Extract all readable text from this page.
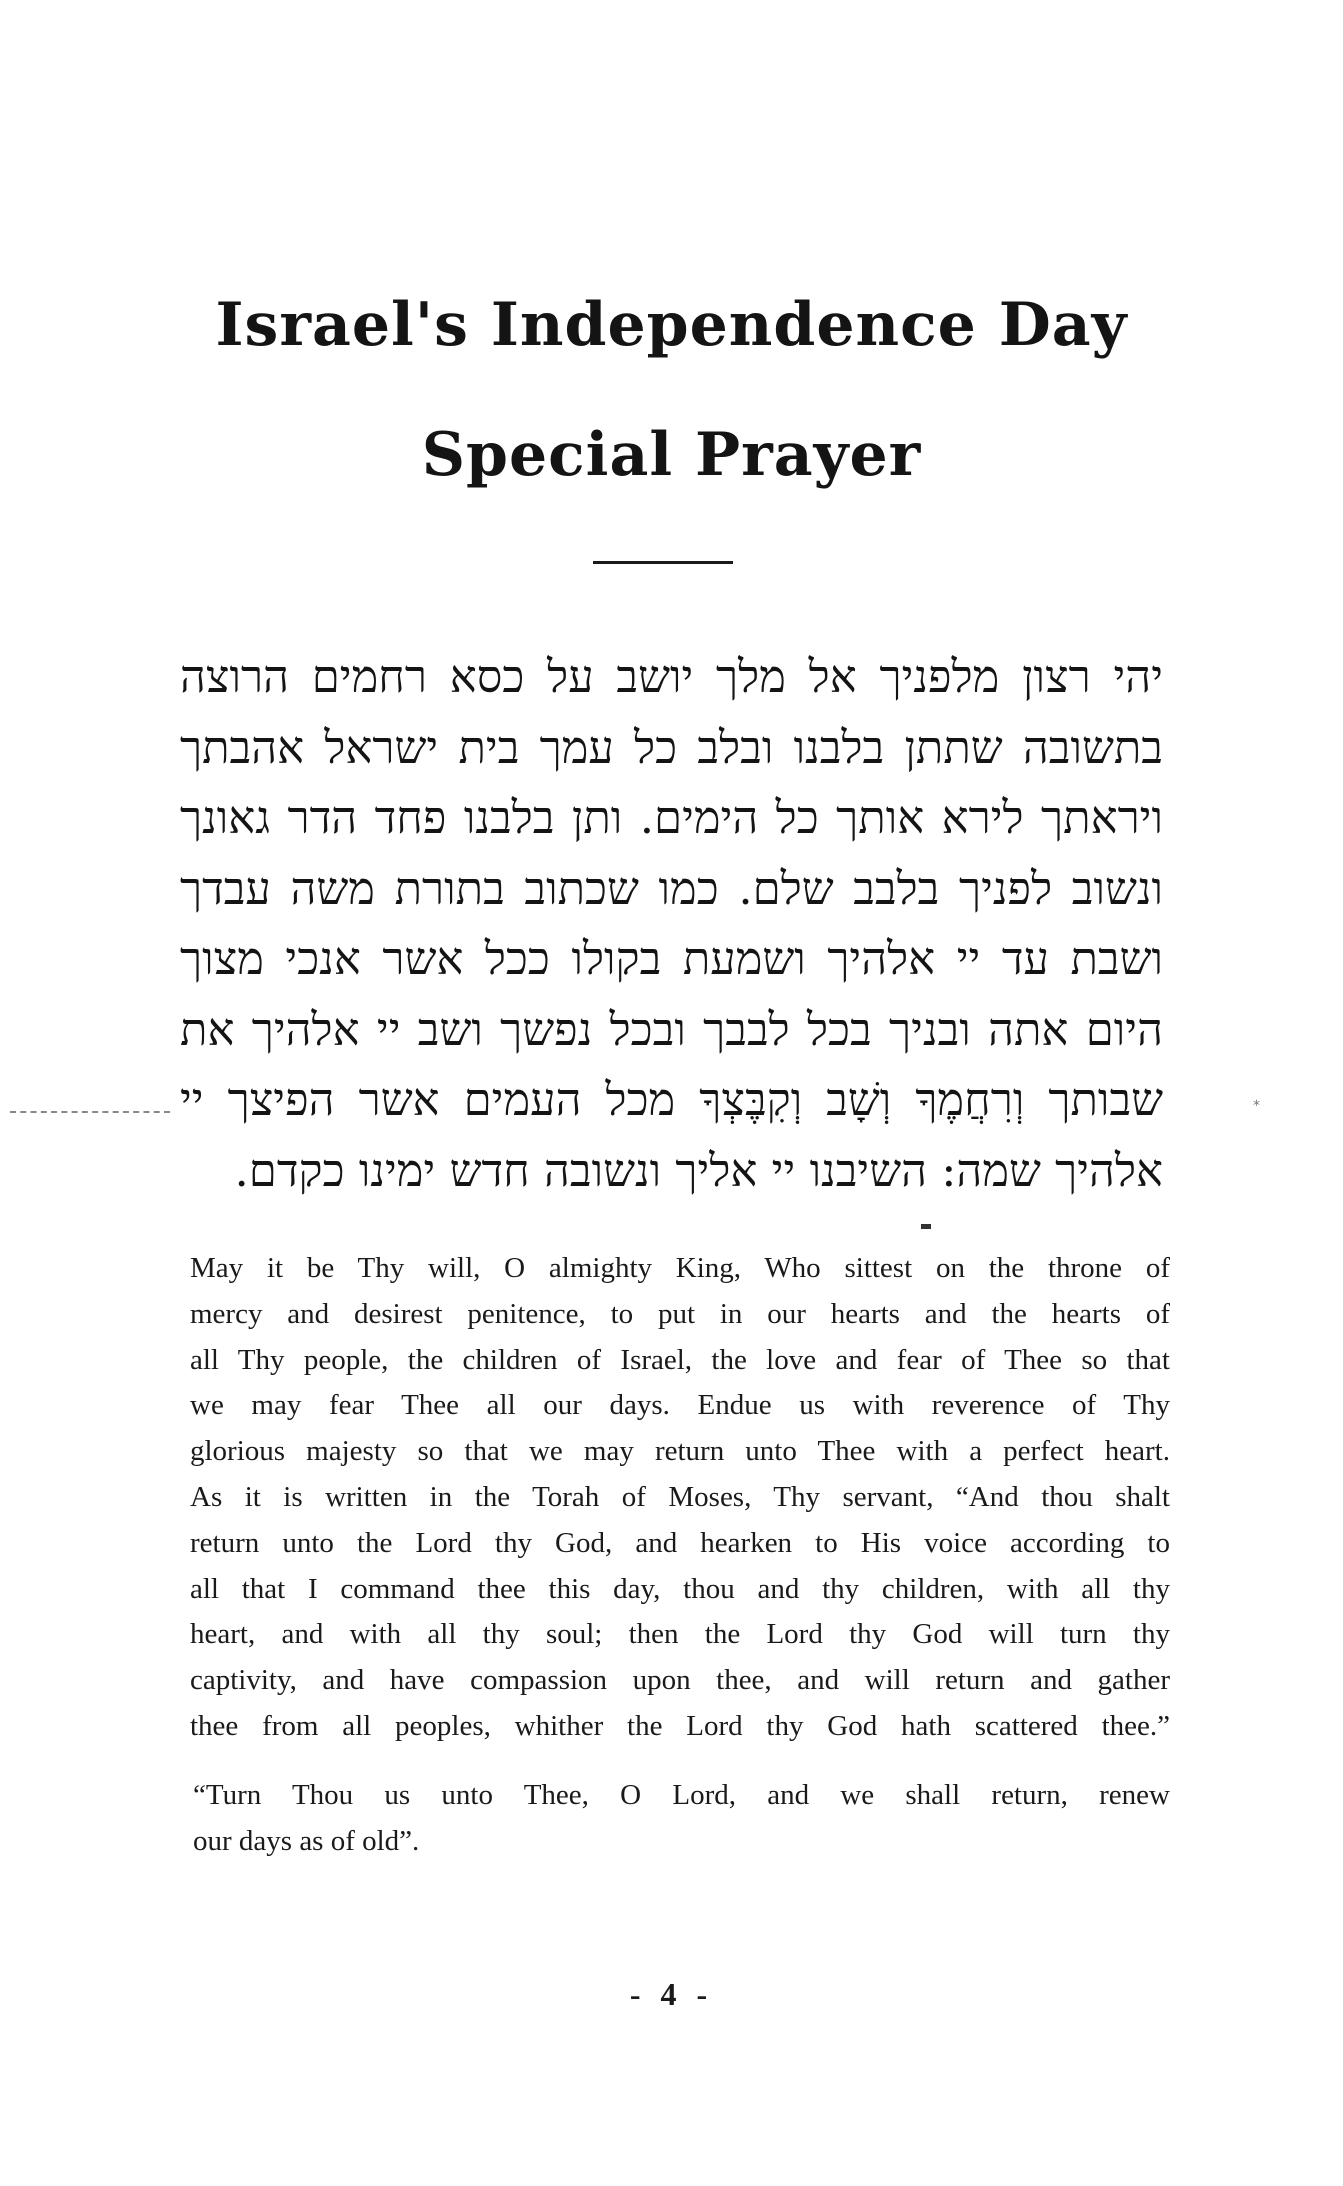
Israel's Independence Day
Special Prayer
יהי רצון מלפניך אל מלך יושב על כסא רחמים הרוצה
בתשובה שתתן בלבנו ובלב כל עמך בית ישראל אהבתך
ויראתך לירא אותך כל הימים. ותן בלבנו פחד הדר גאונך
ונשוב לפניך בלבב שלם. כמו שכתוב בתורת משה עבדך
ושבת עד יי אלהיך ושמעת בקולו ככל אשר אנכי מצוך
היום אתה ובניך בכל לבבך ובכל נפשך ושב יי אלהיך את
שבותך וְרִחֲמֶךָ וְשָׁב וְקִבֶּצְךָ מכל העמים אשר הפיצך יי
אלהיך שמה: השיבנו יי אליך ונשובה חדש ימינו כקדם.
*
May it be Thy will, O almighty King, Who sittest on the throne of
mercy and desirest penitence, to put in our hearts and the hearts of
all Thy people, the children of Israel, the love and fear of Thee so that
we may fear Thee all our days. Endue us with reverence of Thy
glorious majesty so that we may return unto Thee with a perfect heart.
As it is written in the Torah of Moses, Thy servant, “And thou shalt
return unto the Lord thy God, and hearken to His voice according to
all that I command thee this day, thou and thy children, with all thy
heart, and with all thy soul; then the Lord thy God will turn thy
captivity, and have compassion upon thee, and will return and gather
thee from all peoples, whither the Lord thy God hath scattered thee.”
“Turn Thou us unto Thee, O Lord, and we shall return, renew
our days as of old”.
- 4 -
